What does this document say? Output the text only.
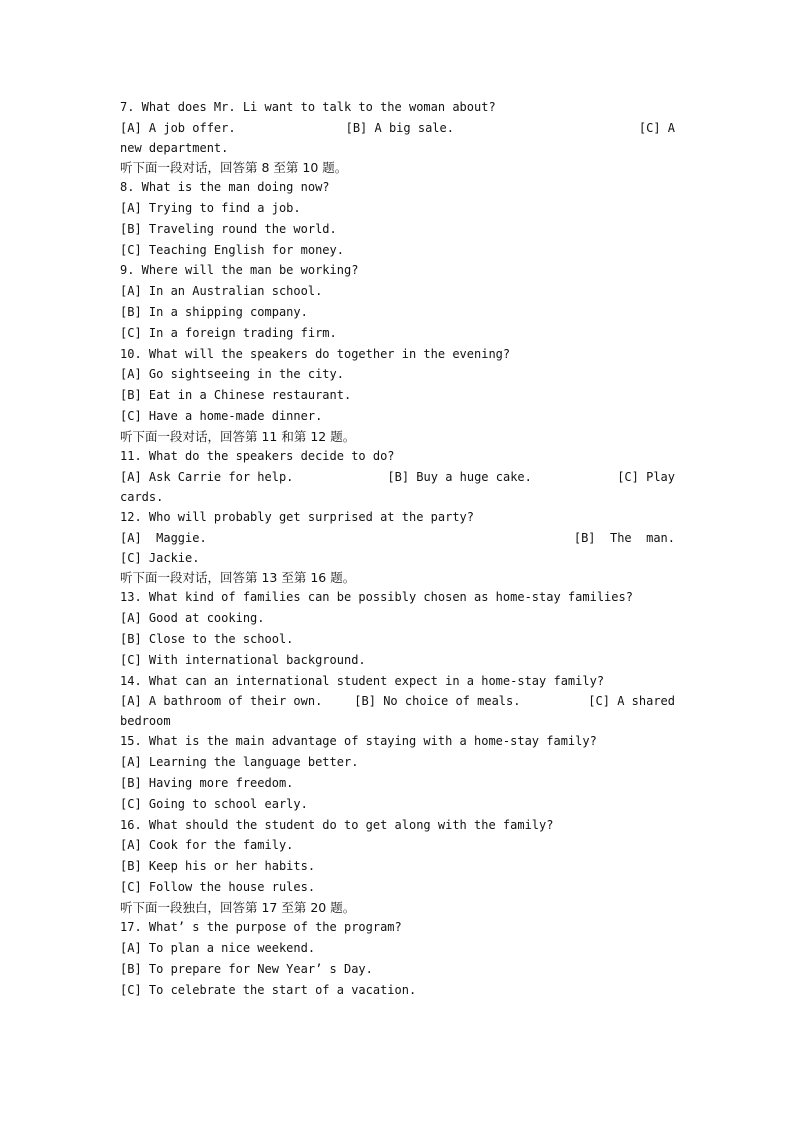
7. What does Mr. Li want to talk to the woman about?
[A] A job offer.	[B] A big sale.	[C] A
new department.
听下面一段对话，回答第 8 至第 10 题。
8. What is the man doing now?
[A] Trying to find a job.
[B] Traveling round the world.
[C] Teaching English for money.
9. Where will the man be working?
[A] In an Australian school.
[B] In a shipping company.
[C] In a foreign trading firm.
10. What will the speakers do together in the evening?
[A] Go sightseeing in the city.
[B] Eat in a Chinese restaurant.
[C] Have a home-made dinner.
听下面一段对话，回答第 11 和第 12 题。
11. What do the speakers decide to do?
[A] Ask Carrie for help.	[B] Buy a huge cake.	[C] Play
cards.
12. Who will probably get surprised at the party?
[A]  Maggie.	[B]  The  man.
[C] Jackie.
听下面一段对话，回答第 13 至第 16 题。
13. What kind of families can be possibly chosen as home-stay families?
[A] Good at cooking.
[B] Close to the school.
[C] With international background.
14. What can an international student expect in a home-stay family?
[A] A bathroom of their own.	[B] No choice of meals.	[C] A shared
bedroom
15. What is the main advantage of staying with a home-stay family?
[A] Learning the language better.
[B] Having more freedom.
[C] Going to school early.
16. What should the student do to get along with the family?
[A] Cook for the family.
[B] Keep his or her habits.
[C] Follow the house rules.
听下面一段独白，回答第 17 至第 20 题。
17. What’ s the purpose of the program?
[A] To plan a nice weekend.
[B] To prepare for New Year’ s Day.
[C] To celebrate the start of a vacation.
